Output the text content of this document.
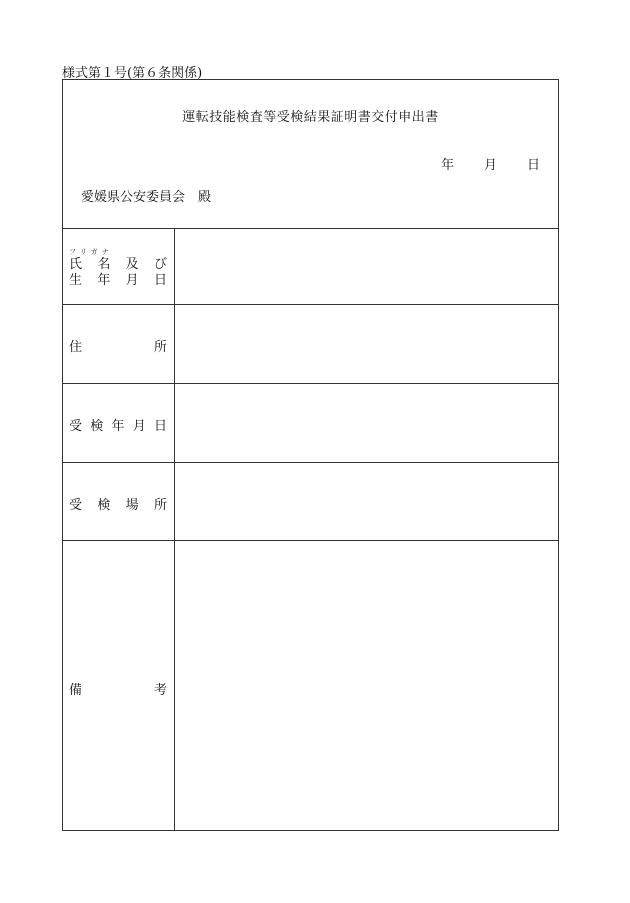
様式第１号(第６条関係)
運転技能検査等受検結果証明書交付申出書
年 月 日
愛媛県公安委員会　殿
フリガナ
氏 名 及 び
生 年 月 日
住	所
受 検 年 月 日
受 検 場 所
備	考
